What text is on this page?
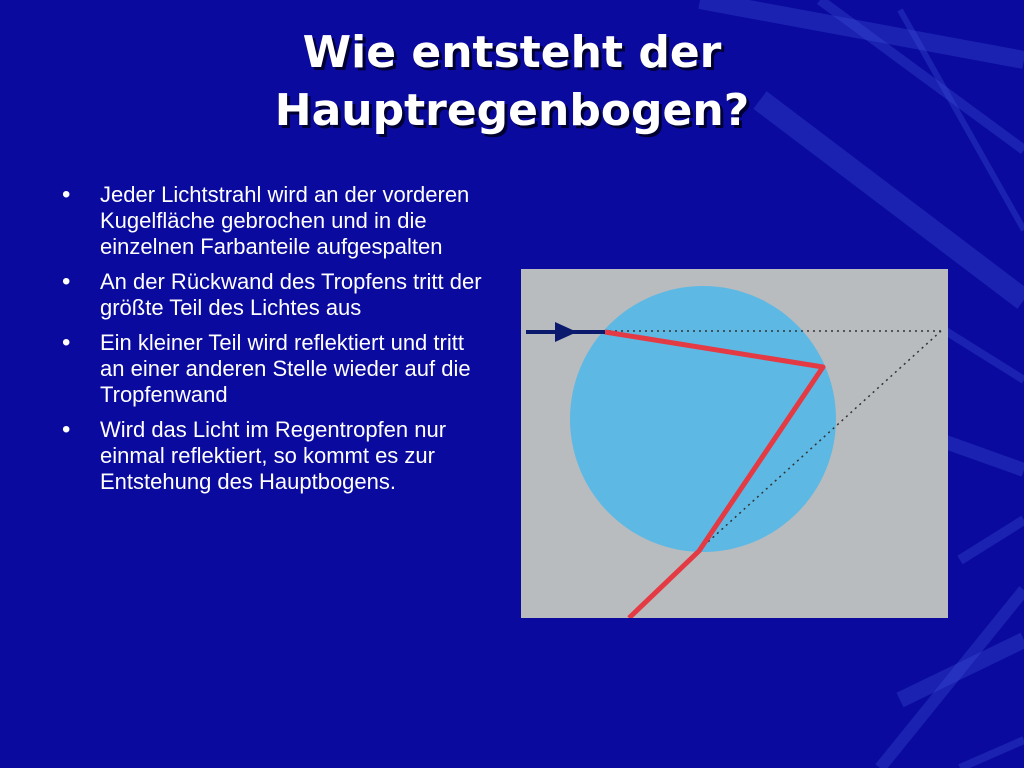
Wie entsteht der
Hauptregenbogen?
• Jeder Lichtstrahl wird an der vorderen Kugelfläche gebrochen und in die einzelnen Farbanteile aufgespalten
• An der Rückwand des Tropfens tritt der größte Teil des Lichtes aus
• Ein kleiner Teil wird reflektiert und tritt an einer anderen Stelle wieder auf die Tropfenwand
• Wird das Licht im Regentropfen nur einmal reflektiert, so kommt es zur Entstehung des Hauptbogens.
